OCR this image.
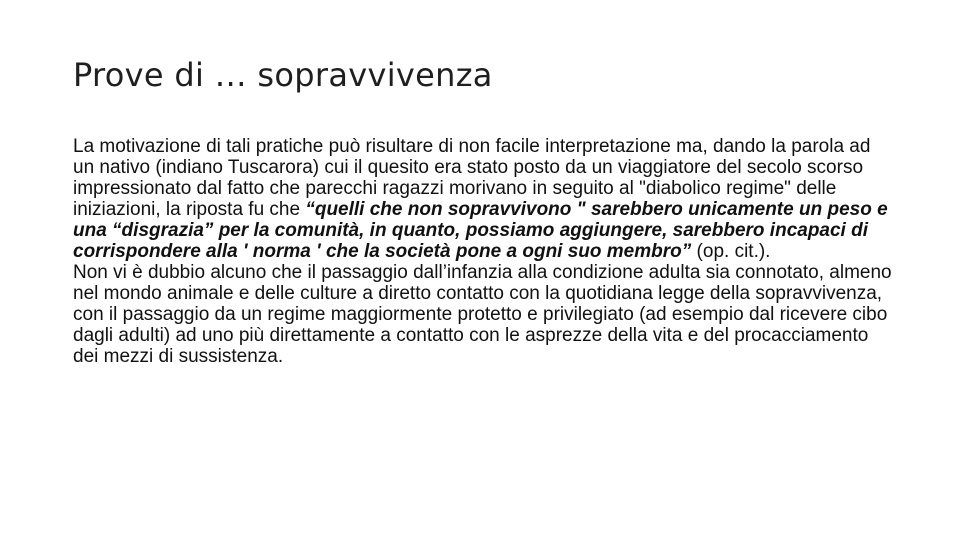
Prove di … sopravvivenza

La motivazione di tali pratiche può risultare di non facile interpretazione ma, dando la parola ad un nativo (indiano Tuscarora) cui il quesito era stato posto da un viaggiatore del secolo scorso impressionato dal fatto che parecchi ragazzi morivano in seguito al "diabolico regime" delle iniziazioni, la riposta fu che “quelli che non sopravvivono " sarebbero unicamente un peso e una “disgrazia” per la comunità, in quanto, possiamo aggiungere, sarebbero incapaci di corrispondere alla ' norma ' che la società pone a ogni suo membro” (op. cit.).

Non vi è dubbio alcuno che il passaggio dall’infanzia alla condizione adulta sia connotato, almeno nel mondo animale e delle culture a diretto contatto con la quotidiana legge della sopravvivenza, con il passaggio da un regime maggiormente protetto e privilegiato (ad esempio dal ricevere cibo dagli adulti) ad uno più direttamente a contatto con le asprezze della vita e del procacciamento dei mezzi di sussistenza.
